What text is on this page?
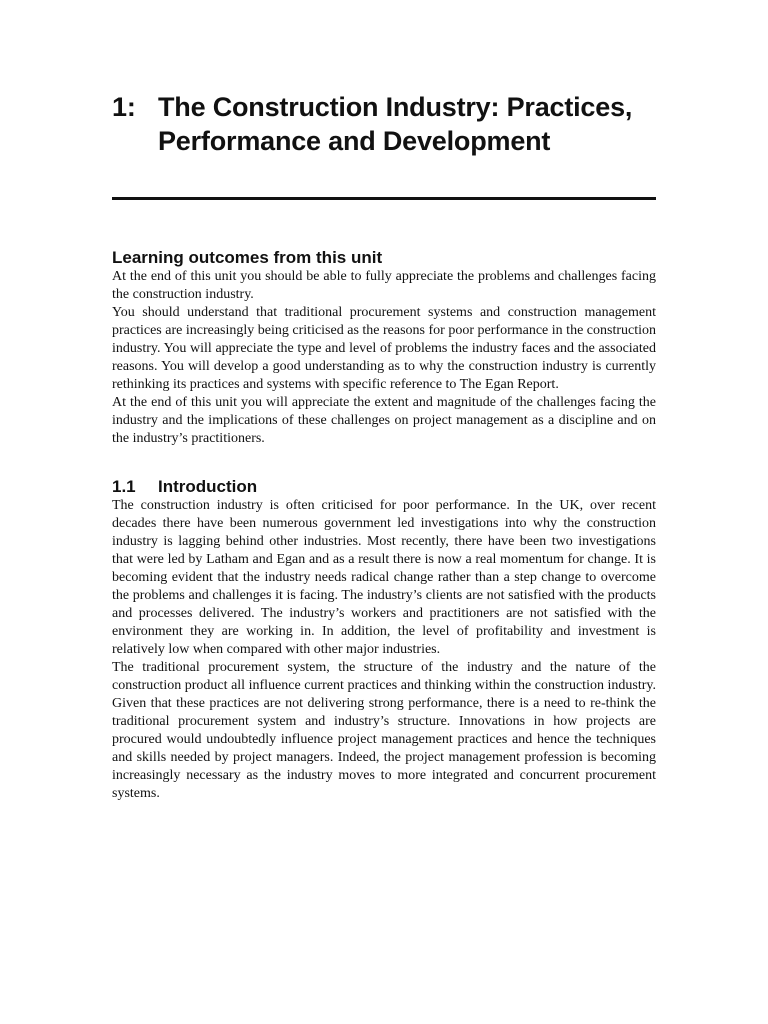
1: The Construction Industry: Practices, Performance and Development
Learning outcomes from this unit

At the end of this unit you should be able to fully appreciate the problems and challenges facing the construction industry.

You should understand that traditional procurement systems and construction management practices are increasingly being criticised as the reasons for poor performance in the construction industry. You will appreciate the type and level of problems the industry faces and the associated reasons. You will develop a good understanding as to why the construction industry is currently rethinking its practices and systems with specific reference to The Egan Report.

At the end of this unit you will appreciate the extent and magnitude of the challenges facing the industry and the implications of these challenges on project management as a discipline and on the industry’s practitioners.

1.1	Introduction

The construction industry is often criticised for poor performance. In the UK, over recent decades there have been numerous government led investigations into why the construction industry is lagging behind other industries. Most recently, there have been two investigations that were led by Latham and Egan and as a result there is now a real momentum for change. It is becoming evident that the industry needs radical change rather than a step change to overcome the problems and challenges it is facing. The industry’s clients are not satisfied with the products and processes delivered. The industry’s workers and practitioners are not satisfied with the environment they are working in. In addition, the level of profitability and investment is relatively low when compared with other major industries.

The traditional procurement system, the structure of the industry and the nature of the construction product all influence current practices and thinking within the construction industry. Given that these practices are not delivering strong performance, there is a need to re-think the traditional procurement system and industry’s structure. Innovations in how projects are procured would undoubtedly influence project management practices and hence the techniques and skills needed by project managers. Indeed, the project management profession is becoming increasingly necessary as the industry moves to more integrated and concurrent procurement systems.
